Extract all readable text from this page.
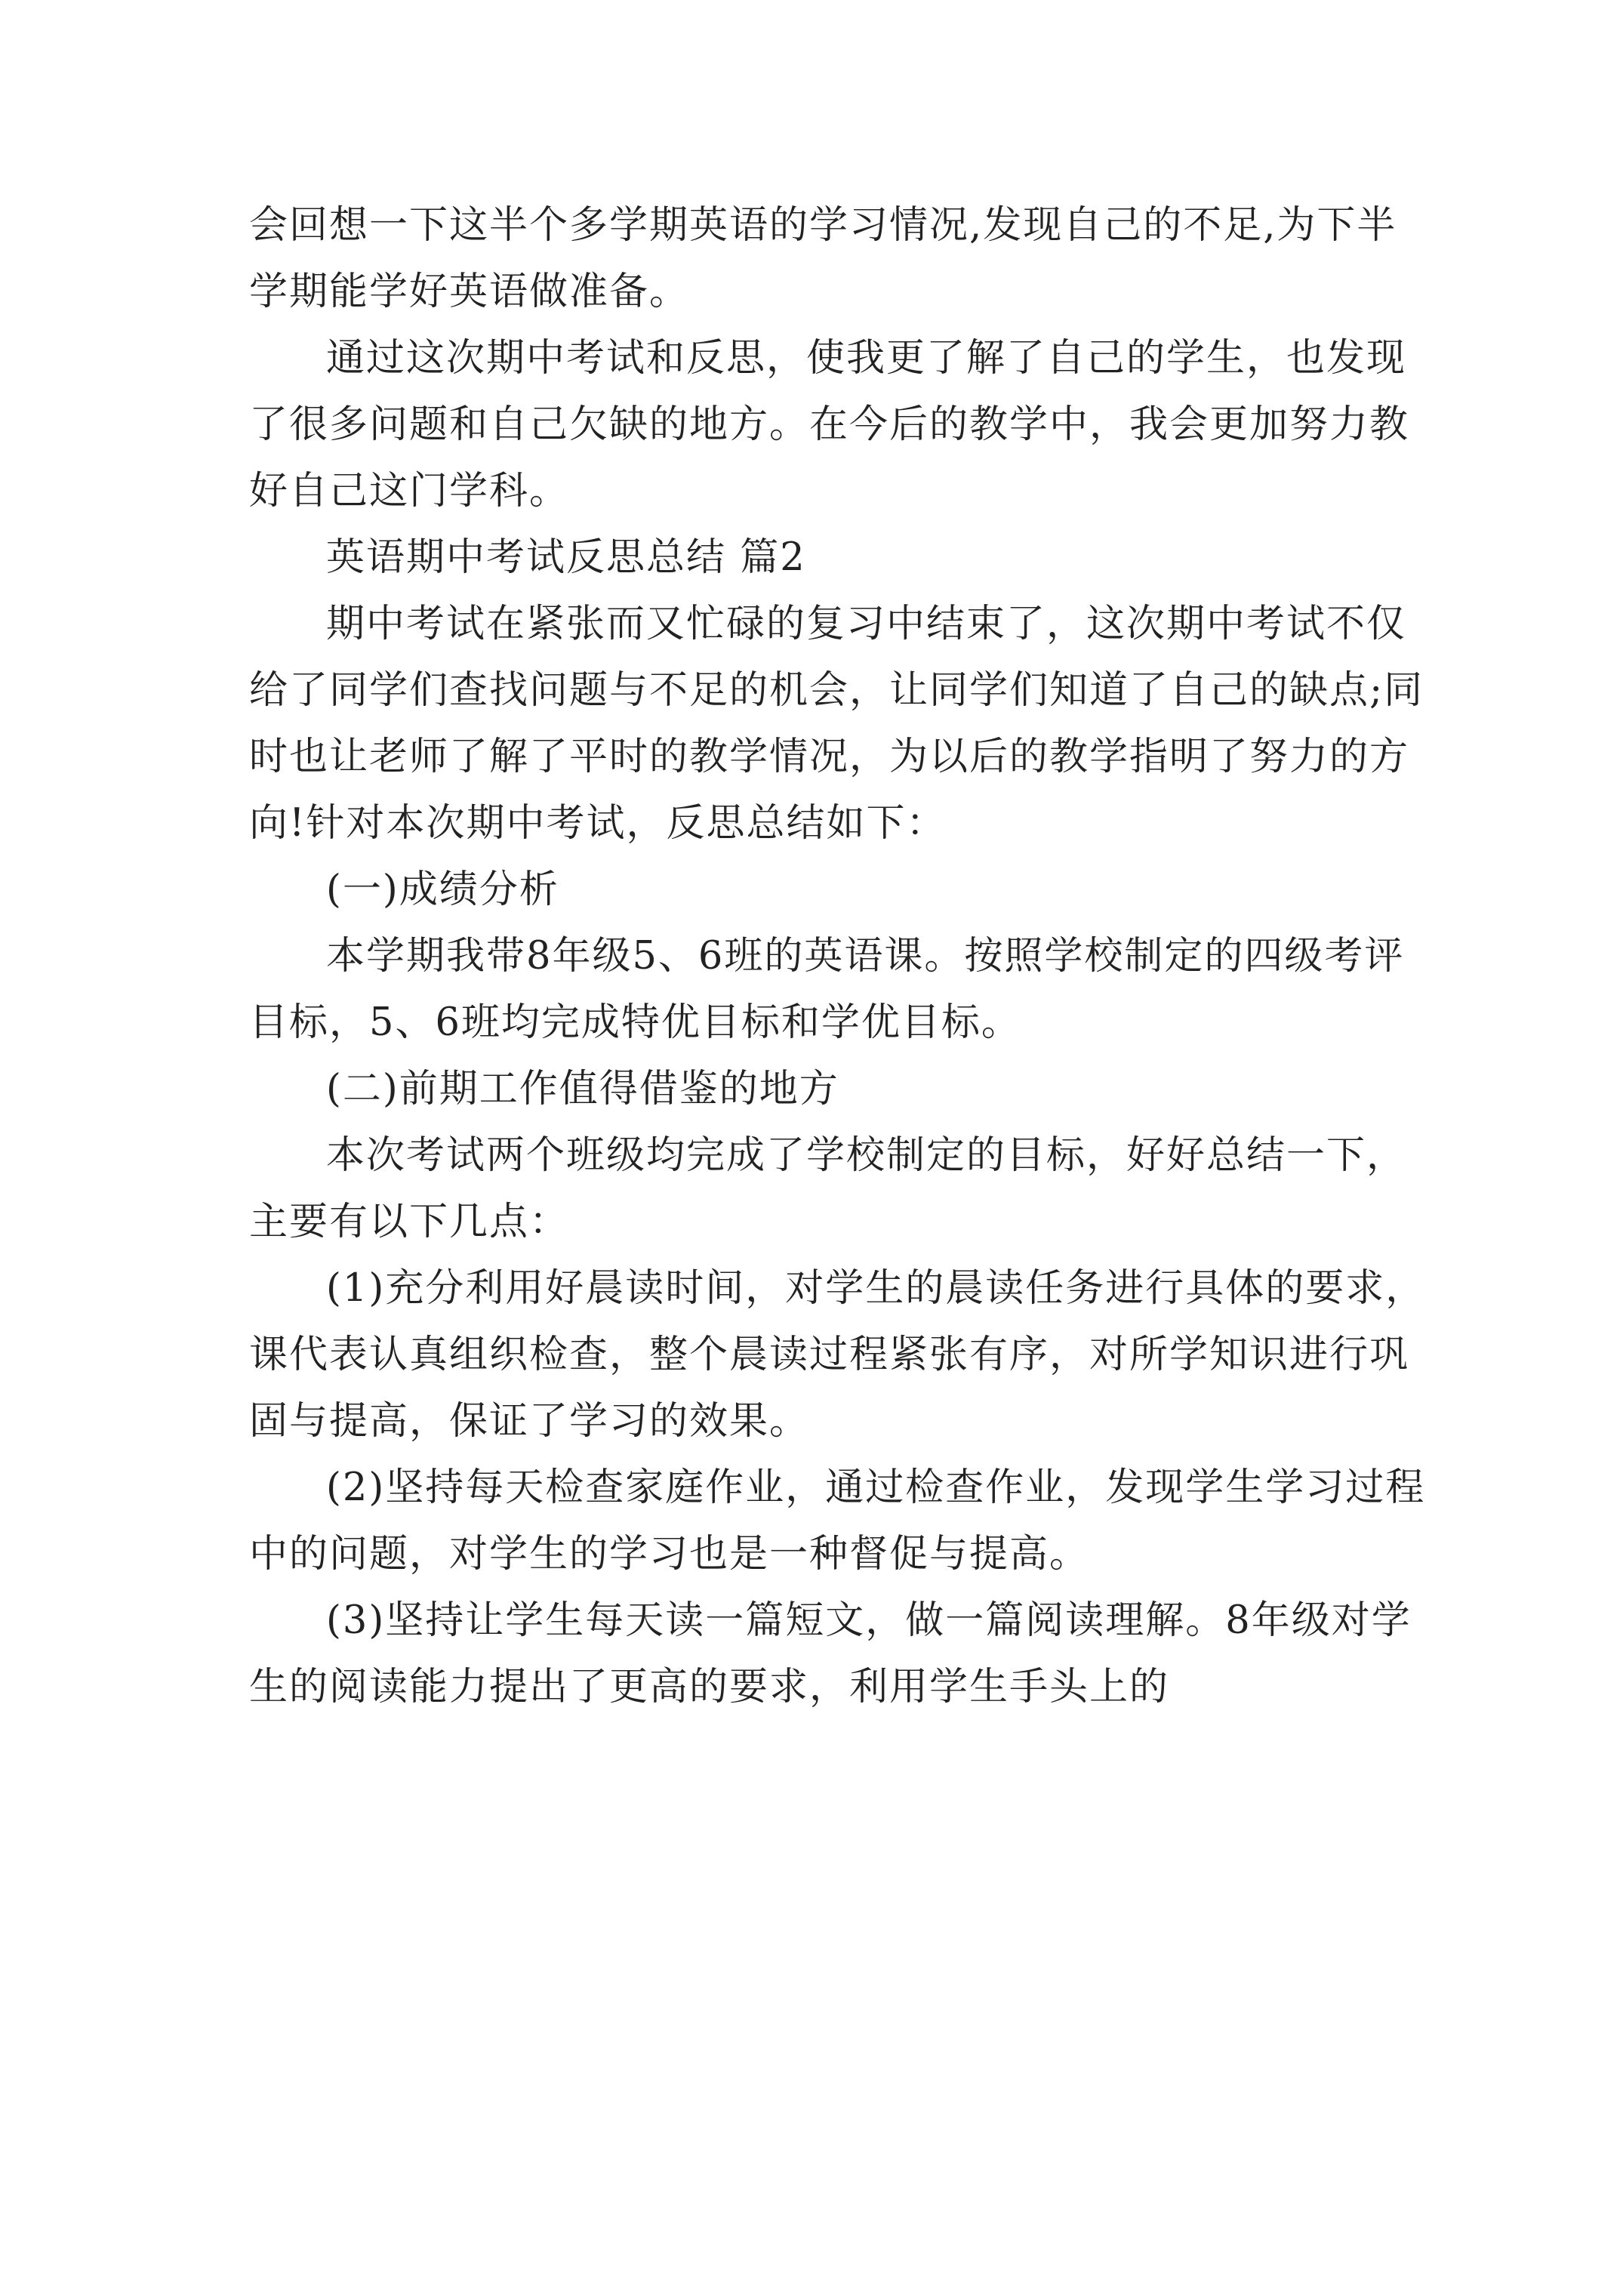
会回想一下这半个多学期英语的学习情况,发现自己的不足,为下半学期能学好英语做准备。

通过这次期中考试和反思，使我更了解了自己的学生，也发现了很多问题和自己欠缺的地方。在今后的教学中，我会更加努力教好自己这门学科。

英语期中考试反思总结 篇2

期中考试在紧张而又忙碌的复习中结束了，这次期中考试不仅给了同学们查找问题与不足的机会，让同学们知道了自己的缺点;同时也让老师了解了平时的教学情况，为以后的教学指明了努力的方向!针对本次期中考试，反思总结如下：

(一)成绩分析

本学期我带8年级5、6班的英语课。按照学校制定的四级考评目标，5、6班均完成特优目标和学优目标。

(二)前期工作值得借鉴的地方

本次考试两个班级均完成了学校制定的目标，好好总结一下，主要有以下几点：

(1)充分利用好晨读时间，对学生的晨读任务进行具体的要求，课代表认真组织检查，整个晨读过程紧张有序，对所学知识进行巩固与提高，保证了学习的效果。

(2)坚持每天检查家庭作业，通过检查作业，发现学生学习过程中的问题，对学生的学习也是一种督促与提高。

(3)坚持让学生每天读一篇短文，做一篇阅读理解。8年级对学生的阅读能力提出了更高的要求，利用学生手头上的
